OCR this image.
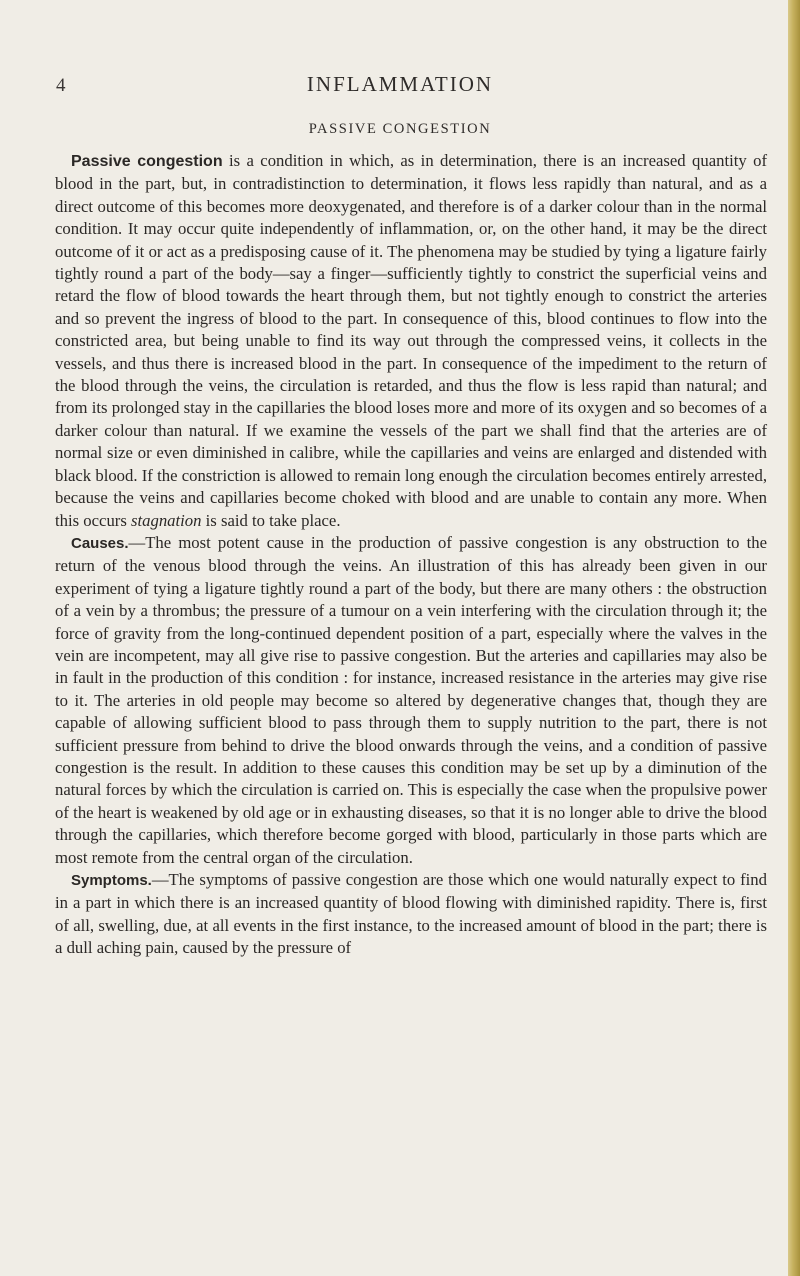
4	INFLAMMATION
PASSIVE CONGESTION

Passive congestion is a condition in which, as in determination, there is an increased quantity of blood in the part, but, in contradistinction to determination, it flows less rapidly than natural, and as a direct outcome of this becomes more deoxygenated, and therefore is of a darker colour than in the normal condition. It may occur quite independently of inflammation, or, on the other hand, it may be the direct outcome of it or act as a predisposing cause of it. The phenomena may be studied by tying a ligature fairly tightly round a part of the body—say a finger—sufficiently tightly to constrict the superficial veins and retard the flow of blood towards the heart through them, but not tightly enough to constrict the arteries and so prevent the ingress of blood to the part. In consequence of this, blood continues to flow into the constricted area, but being unable to find its way out through the compressed veins, it collects in the vessels, and thus there is increased blood in the part. In consequence of the impediment to the return of the blood through the veins, the circulation is retarded, and thus the flow is less rapid than natural; and from its prolonged stay in the capillaries the blood loses more and more of its oxygen and so becomes of a darker colour than natural. If we examine the vessels of the part we shall find that the arteries are of normal size or even diminished in calibre, while the capillaries and veins are enlarged and distended with black blood. If the constriction is allowed to remain long enough the circulation becomes entirely arrested, because the veins and capillaries become choked with blood and are unable to contain any more. When this occurs stagnation is said to take place.

Causes.—The most potent cause in the production of passive congestion is any obstruction to the return of the venous blood through the veins. An illustration of this has already been given in our experiment of tying a ligature tightly round a part of the body, but there are many others : the obstruction of a vein by a thrombus; the pressure of a tumour on a vein interfering with the circulation through it; the force of gravity from the long-continued dependent position of a part, especially where the valves in the vein are incompetent, may all give rise to passive congestion. But the arteries and capillaries may also be in fault in the production of this condition : for instance, increased resistance in the arteries may give rise to it. The arteries in old people may become so altered by degenerative changes that, though they are capable of allowing sufficient blood to pass through them to supply nutrition to the part, there is not sufficient pressure from behind to drive the blood onwards through the veins, and a condition of passive congestion is the result. In addition to these causes this condition may be set up by a diminution of the natural forces by which the circulation is carried on. This is especially the case when the propulsive power of the heart is weakened by old age or in exhausting diseases, so that it is no longer able to drive the blood through the capillaries, which therefore become gorged with blood, particularly in those parts which are most remote from the central organ of the circulation.

Symptoms.—The symptoms of passive congestion are those which one would naturally expect to find in a part in which there is an increased quantity of blood flowing with diminished rapidity. There is, first of all, swelling, due, at all events in the first instance, to the increased amount of blood in the part; there is a dull aching pain, caused by the pressure of
